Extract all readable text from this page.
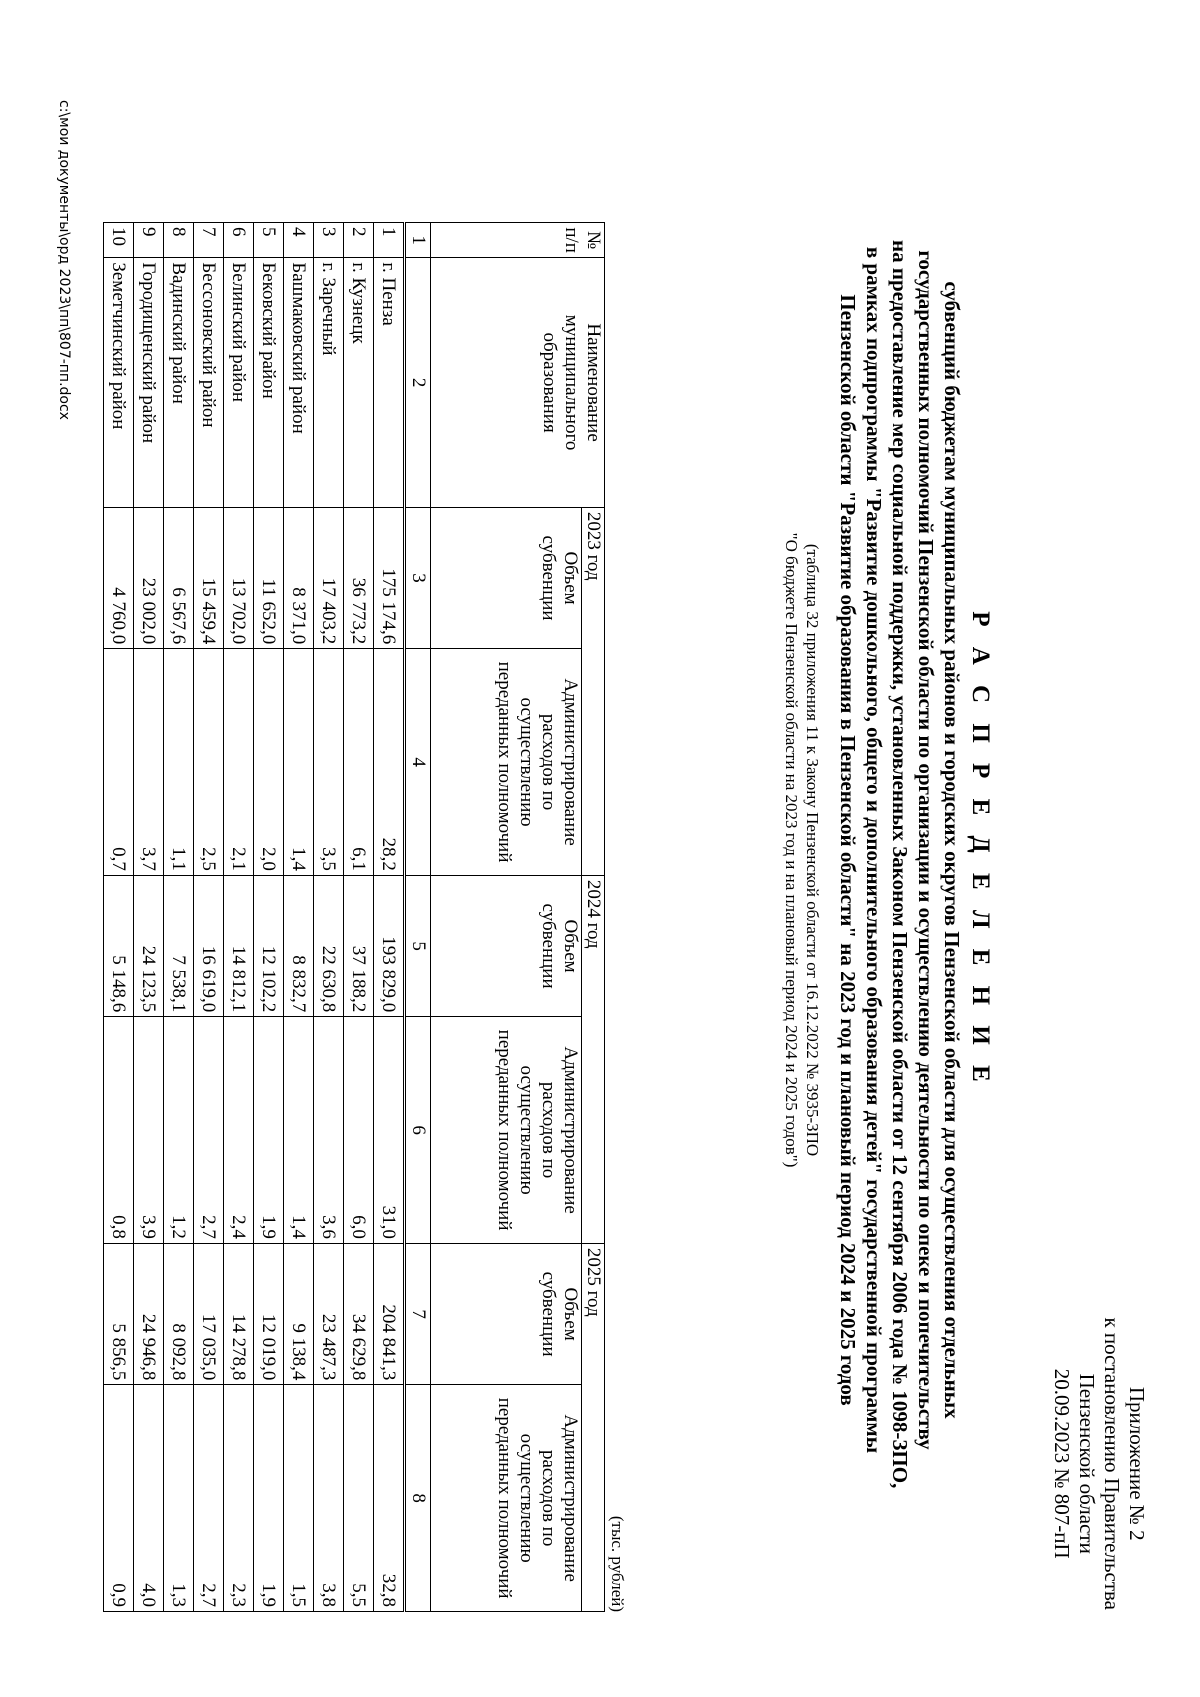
Приложение № 2
к постановлению Правительства
Пензенской области
20.09.2023 № 807-пП
Р А С П Р Е Д Е Л Е Н И Е
субвенций бюджетам муниципальных районов и городских округов Пензенской области для осуществления отдельных
государственных полномочий Пензенской области по организации и осуществлению деятельности по опеке и попечительству
на предоставление мер социальной поддержки, установленных Законом Пензенской области от 12 сентября 2006 года № 1098-ЗПО,
в рамках подпрограммы "Развитие дошкольного, общего и дополнительного образования детей" государственной программы
Пензенской области "Развитие образования в Пензенской области" на 2023 год и плановый период 2024 и 2025 годов
(таблица 32 приложения 11 к Закону Пензенской области от 16.12.2022 № 3935-ЗПО
"О бюджете Пензенской области на 2023 год и на плановый период 2024 и 2025 годов")
(тыс. рублей)
№ п/п	Наименование муниципального образования	2023 год		2024 год		2025 год	
		Объем субвенции	Администрирование расходов по осуществлению переданных полномочий	Объем субвенции	Администрирование расходов по осуществлению переданных полномочий	Объем субвенции	Администрирование расходов по осуществлению переданных полномочий
1	2	3	4	5	6	7	8
1	г. Пенза	175 174,6	28,2	193 829,0	31,0	204 841,3	32,8
2	г. Кузнецк	36 773,2	6,1	37 188,2	6,0	34 629,8	5,5
3	г. Заречный	17 403,2	3,5	22 630,8	3,6	23 487,3	3,8
4	Башмаковский район	8 371,0	1,4	8 832,7	1,4	9 138,4	1,5
5	Бековский район	11 652,0	2,0	12 102,2	1,9	12 019,0	1,9
6	Белинский район	13 702,0	2,1	14 812,1	2,4	14 278,8	2,3
7	Бессоновский район	15 459,4	2,5	16 619,0	2,7	17 035,0	2,7
8	Вадинский район	6 567,6	1,1	7 538,1	1,2	8 092,8	1,3
9	Городищенский район	23 002,0	3,7	24 123,5	3,9	24 946,8	4,0
10	Земетчинский район	4 760,0	0,7	5 148,6	0,8	5 856,5	0,9
c:\мои документы\орд 2023\пп\807-пп.docx
